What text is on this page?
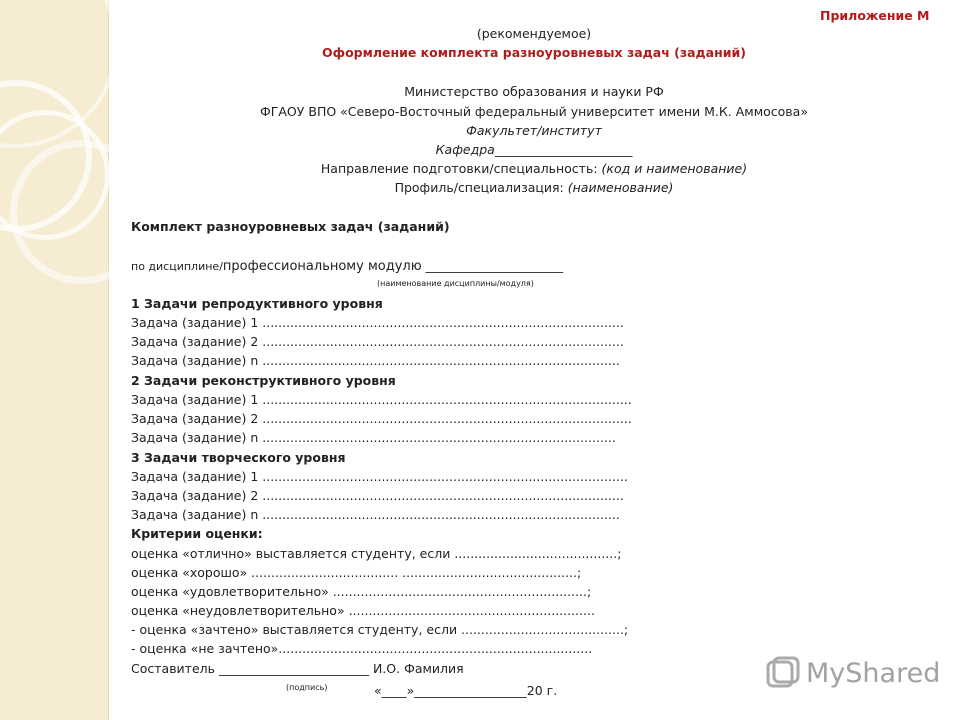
Приложение М
(рекомендуемое)
Оформление комплекта разноуровневых задач (заданий)
Министерство образования и науки РФ
ФГАОУ ВПО «Северо-Восточный федеральный университет имени М.К. Аммосова»
Факультет/институт
Кафедра______________________
Направление подготовки/специальность: (код и наименование)
Профиль/специализация: (наименование)
Комплект разноуровневых задач (заданий)
по дисциплине/профессиональному модулю ______________________
(наименование дисциплины/модуля)
1 Задачи репродуктивного уровня
Задача (задание) 1 ...........................................................................................
Задача (задание) 2 ...........................................................................................
Задача (задание) n ..........................................................................................
2 Задачи реконструктивного уровня
Задача (задание) 1 .............................................................................................
Задача (задание) 2 .............................................................................................
Задача (задание) n .........................................................................................
3 Задачи творческого уровня
Задача (задание) 1 ............................................................................................
Задача (задание) 2 ...........................................................................................
Задача (задание) n ..........................................................................................
Критерии оценки:
оценка «отлично» выставляется студенту, если .........................................;
оценка «хорошо» ..................................... ............................................;
оценка «удовлетворительно» ................................................................;
оценка «неудовлетворительно» ..............................................................
- оценка «зачтено» выставляется студенту, если .........................................;
- оценка «не зачтено»...............................................................................
Составитель ________________________ И.О. Фамилия
(подпись)	«____»__________________20 г.
MyShared
